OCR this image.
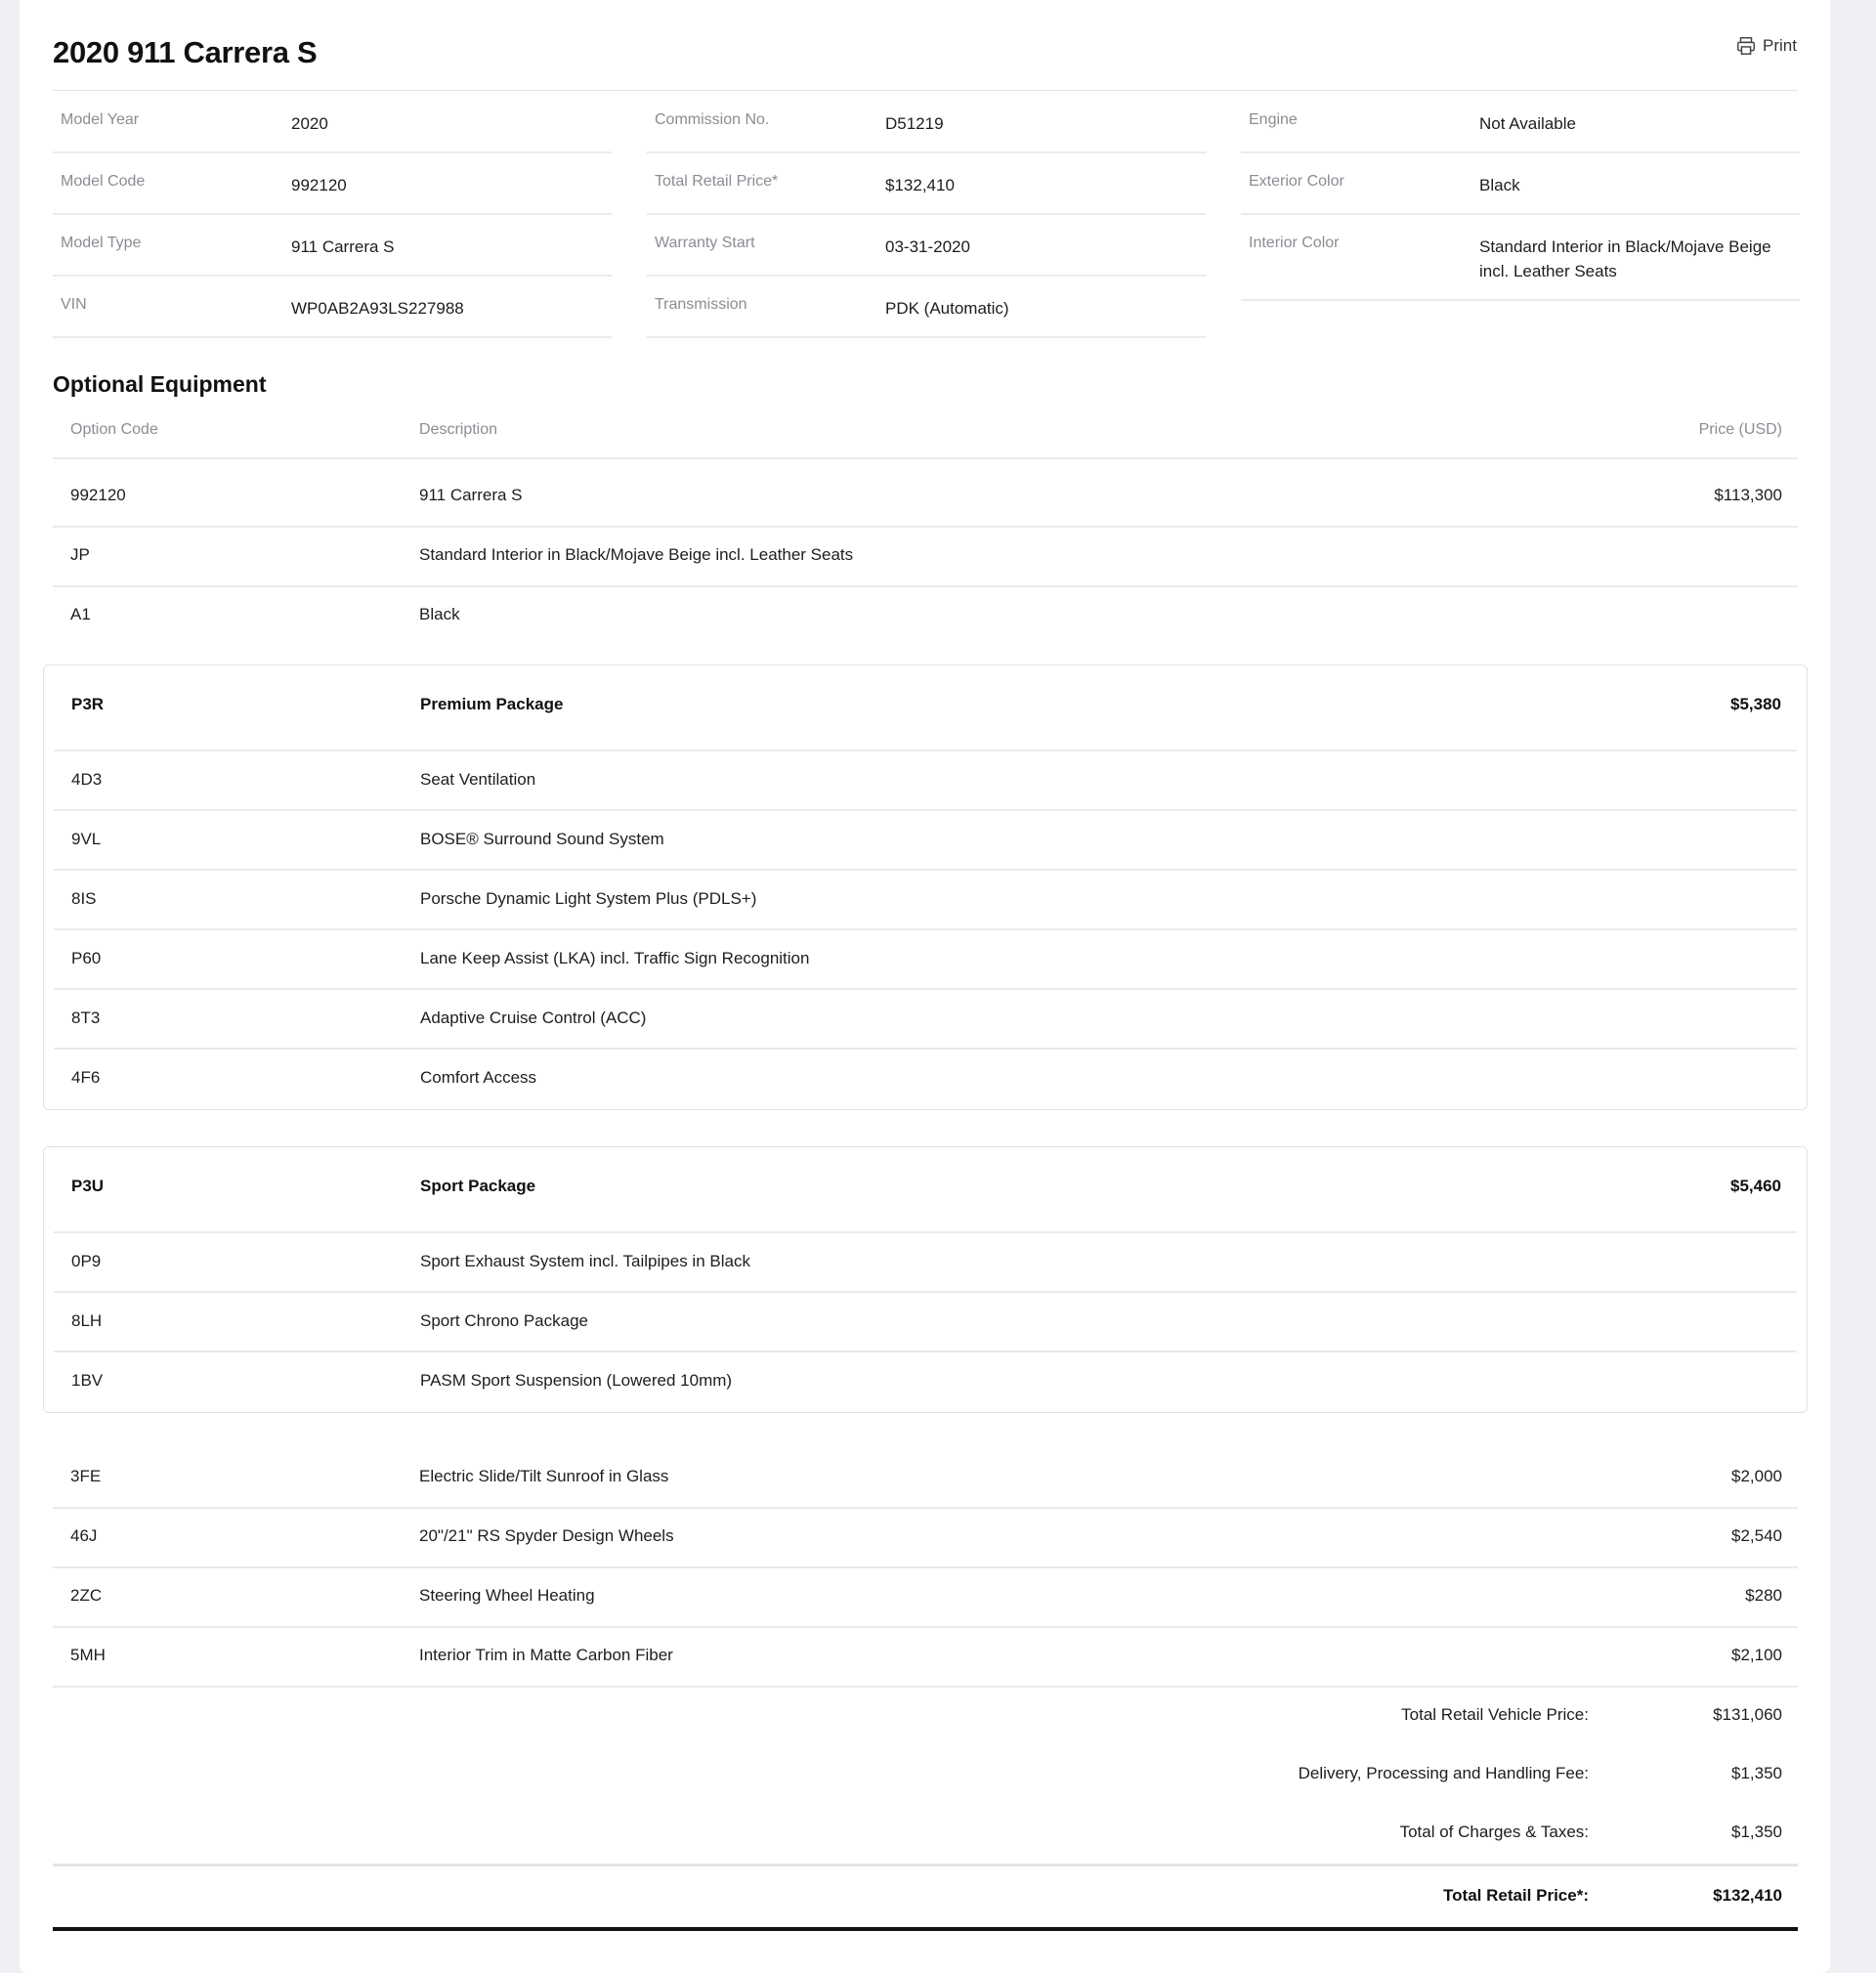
2020 911 Carrera S	Print
Model Year	2020
Model Code	992120
Model Type	911 Carrera S
VIN	WP0AB2A93LS227988
Commission No.	D51219
Total Retail Price*	$132,410
Warranty Start	03-31-2020
Transmission	PDK (Automatic)
Engine	Not Available
Exterior Color	Black
Interior Color	Standard Interior in Black/Mojave Beige incl. Leather Seats
Optional Equipment
Option Code	Description	Price (USD)
992120	911 Carrera S	$113,300
JP	Standard Interior in Black/Mojave Beige incl. Leather Seats
A1	Black
P3R	Premium Package	$5,380
4D3	Seat Ventilation
9VL	BOSE® Surround Sound System
8IS	Porsche Dynamic Light System Plus (PDLS+)
P60	Lane Keep Assist (LKA) incl. Traffic Sign Recognition
8T3	Adaptive Cruise Control (ACC)
4F6	Comfort Access
P3U	Sport Package	$5,460
0P9	Sport Exhaust System incl. Tailpipes in Black
8LH	Sport Chrono Package
1BV	PASM Sport Suspension (Lowered 10mm)
3FE	Electric Slide/Tilt Sunroof in Glass	$2,000
46J	20"/21" RS Spyder Design Wheels	$2,540
2ZC	Steering Wheel Heating	$280
5MH	Interior Trim in Matte Carbon Fiber	$2,100
Total Retail Vehicle Price:	$131,060
Delivery, Processing and Handling Fee:	$1,350
Total of Charges & Taxes:	$1,350
Total Retail Price*:	$132,410
